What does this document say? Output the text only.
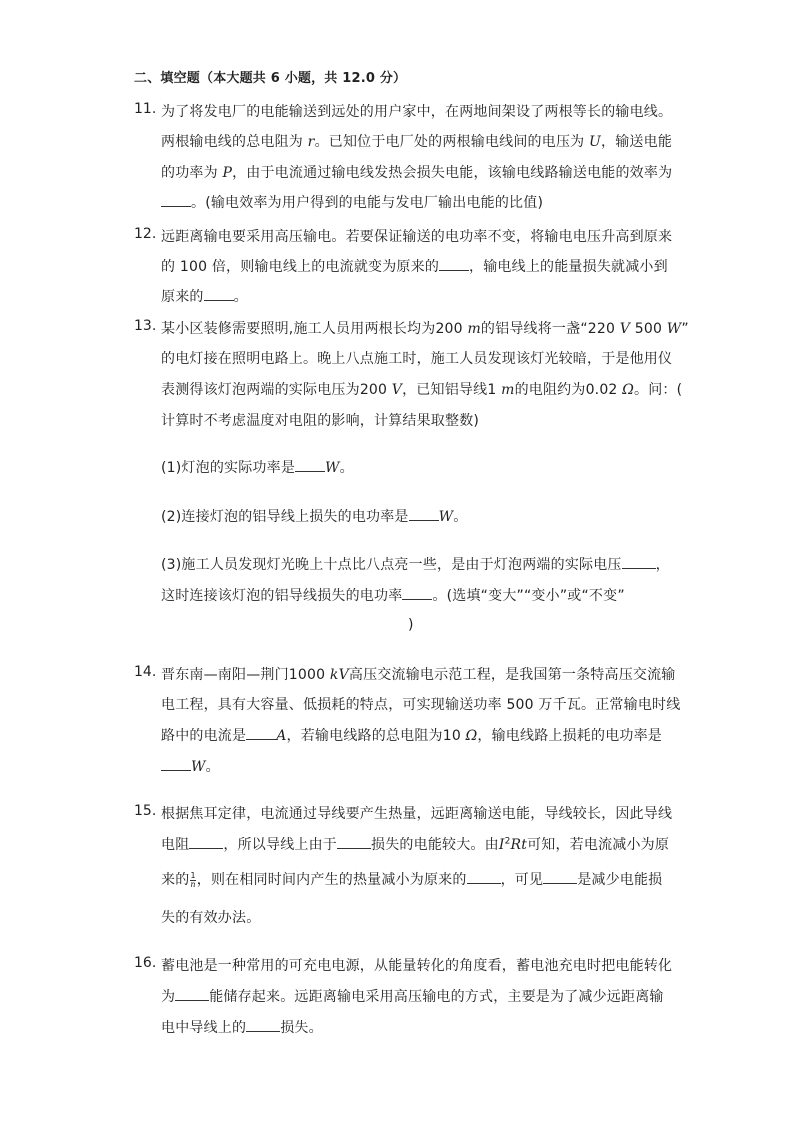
二、填空题（本大题共 6 小题，共 12.0 分）
11. 为了将发电厂的电能输送到远处的用户家中，在两地间架设了两根等长的输电线。
两根输电线的总电阻为 r。已知位于电厂处的两根输电线间的电压为 U，输送电能
的功率为 P，由于电流通过输电线发热会损失电能，该输电线路输送电能的效率为
。(输电效率为用户得到的电能与发电厂输出电能的比值)
12. 远距离输电要采用高压输电。若要保证输送的电功率不变，将输电电压升高到原来
的 100 倍，则输电线上的电流就变为原来的 ，输电线上的能量损失就减小到
原来的 。
13. 某小区装修需要照明,施工人员用两根长均为200 m的铝导线将一盏“220 V 500 W”
的电灯接在照明电路上。晚上八点施工时，施工人员发现该灯光较暗，于是他用仪
表测得该灯泡两端的实际电压为200 V，已知铝导线1 m的电阻约为0.02 Ω。问：(
计算时不考虑温度对电阻的影响，计算结果取整数)
(1)灯泡的实际功率是 W。
(2)连接灯泡的铝导线上损失的电功率是 W。
(3)施工人员发现灯光晚上十点比八点亮一些，是由于灯泡两端的实际电压 ，
这时连接该灯泡的铝导线损失的电功率 。(选填“变大”“变小”或“不变”
)
14. 晋东南—南阳—荆门1000 kV高压交流输电示范工程，是我国第一条特高压交流输
电工程，具有大容量、低损耗的特点，可实现输送功率 500 万千瓦。正常输电时线
路中的电流是 A，若输电线路的总电阻为10 Ω，输电线路上损耗的电功率是
W。
15. 根据焦耳定律，电流通过导线要产生热量，远距离输送电能，导线较长，因此导线
电阻 ，所以导线上由于 损失的电能较大。由$I^2Rt$可知，若电流减小为原
来的 $\frac{1}{n}$ ，则在相同时间内产生的热量减小为原来的 ，可见 是减少电能损
失的有效办法。
16. 蓄电池是一种常用的可充电电源，从能量转化的角度看，蓄电池充电时把电能转化
为 能储存起来。远距离输电采用高压输电的方式，主要是为了减少远距离输
电中导线上的 损失。
